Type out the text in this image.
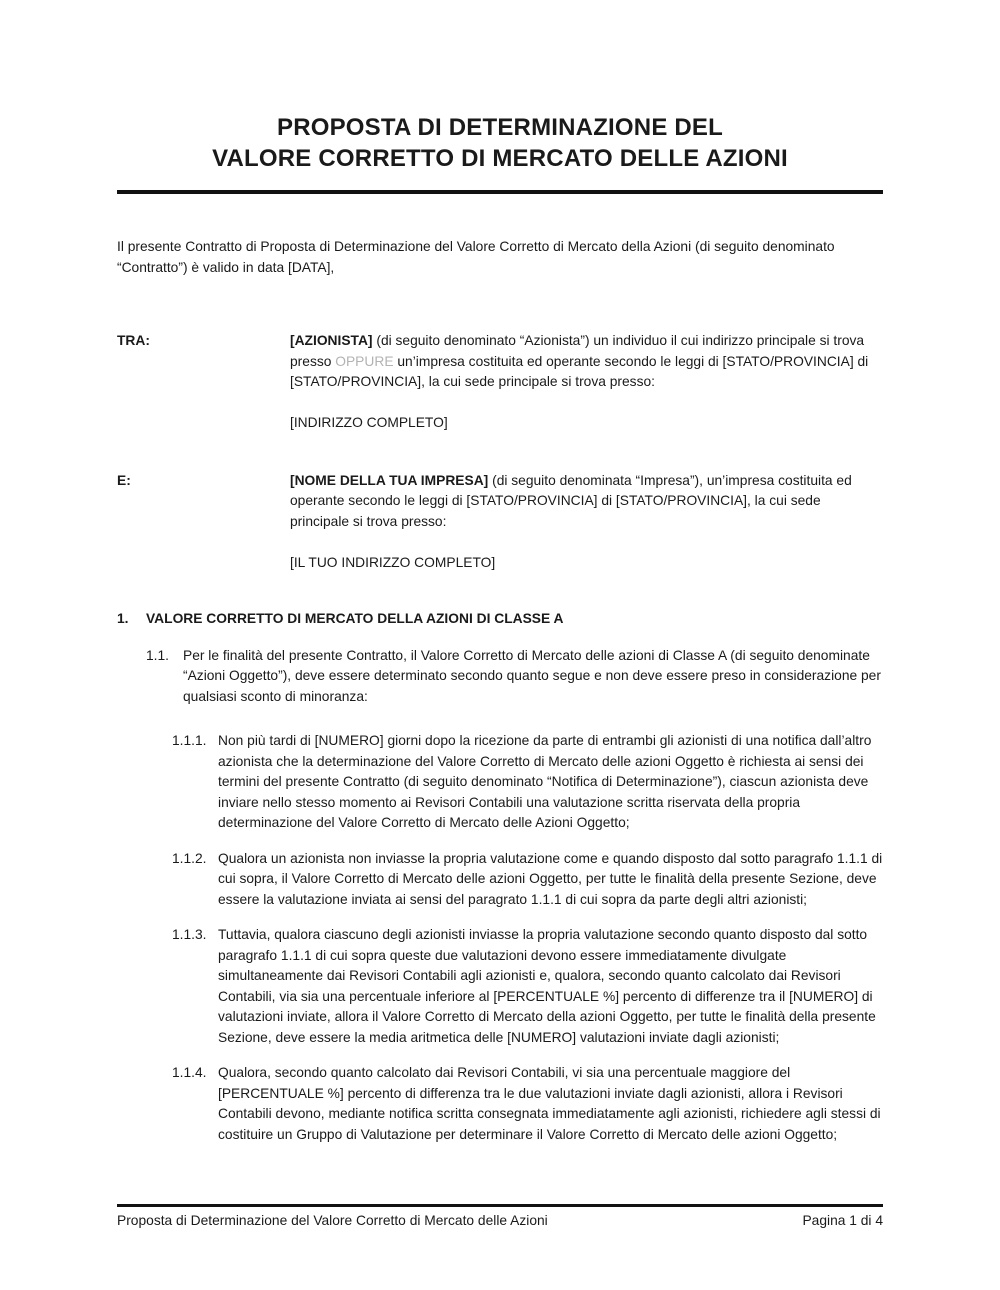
PROPOSTA DI DETERMINAZIONE DEL
VALORE CORRETTO DI MERCATO DELLE AZIONI

Il presente Contratto di Proposta di Determinazione del Valore Corretto di Mercato della Azioni (di seguito denominato “Contratto”) è valido in data [DATA],

TRA:	[AZIONISTA] (di seguito denominato “Azionista”) un individuo il cui indirizzo principale si trova presso OPPURE un’impresa costituita ed operante secondo le leggi di [STATO/PROVINCIA] di [STATO/PROVINCIA], la cui sede principale si trova presso:

[INDIRIZZO COMPLETO]

E:	[NOME DELLA TUA IMPRESA] (di seguito denominata “Impresa”), un’impresa costituita ed operante secondo le leggi di [STATO/PROVINCIA] di [STATO/PROVINCIA], la cui sede principale si trova presso:

[IL TUO INDIRIZZO COMPLETO]

1.	VALORE CORRETTO DI MERCATO DELLA AZIONI DI CLASSE A
1.1.	Per le finalità del presente Contratto, il Valore Corretto di Mercato delle azioni di Classe A (di seguito denominate “Azioni Oggetto”), deve essere determinato secondo quanto segue e non deve essere preso in considerazione per qualsiasi sconto di minoranza:
1.1.1. Non più tardi di [NUMERO] giorni dopo la ricezione da parte di entrambi gli azionisti di una notifica dall’altro azionista che la determinazione del Valore Corretto di Mercato delle azioni Oggetto è richiesta ai sensi dei termini del presente Contratto (di seguito denominato “Notifica di Determinazione”), ciascun azionista deve inviare nello stesso momento ai Revisori Contabili una valutazione scritta riservata della propria determinazione del Valore Corretto di Mercato delle Azioni Oggetto;
1.1.2. Qualora un azionista non inviasse la propria valutazione come e quando disposto dal sotto paragrafo 1.1.1 di cui sopra, il Valore Corretto di Mercato delle azioni Oggetto, per tutte le finalità della presente Sezione, deve essere la valutazione inviata ai sensi del paragrato 1.1.1 di cui sopra da parte degli altri azionisti;
1.1.3. Tuttavia, qualora ciascuno degli azionisti inviasse la propria valutazione secondo quanto disposto dal sotto paragrafo 1.1.1 di cui sopra queste due valutazioni devono essere immediatamente divulgate simultaneamente dai Revisori Contabili agli azionisti e, qualora, secondo quanto calcolato dai Revisori Contabili, via sia una percentuale inferiore al [PERCENTUALE %] percento di differenze tra il [NUMERO] di valutazioni inviate, allora il Valore Corretto di Mercato della azioni Oggetto, per tutte le finalità della presente Sezione, deve essere la media aritmetica delle [NUMERO] valutazioni inviate dagli azionisti;
1.1.4. Qualora, secondo quanto calcolato dai Revisori Contabili, vi sia una percentuale maggiore del [PERCENTUALE %] percento di differenza tra le due valutazioni inviate dagli azionisti, allora i Revisori Contabili devono, mediante notifica scritta consegnata immediatamente agli azionisti, richiedere agli stessi di costituire un Gruppo di Valutazione per determinare il Valore Corretto di Mercato delle azioni Oggetto;
Proposta di Determinazione del Valore Corretto di Mercato delle Azioni	Pagina 1 di 4
